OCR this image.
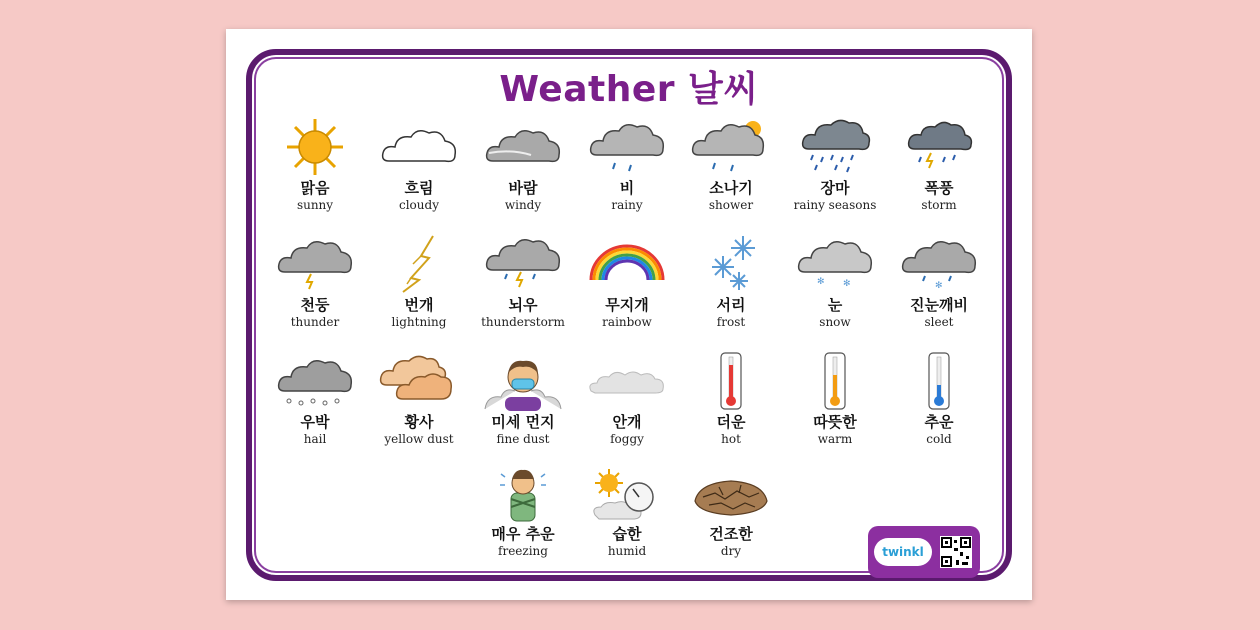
Weather 날씨
맑음
sunny
흐림
cloudy
바람
windy
비
rainy
소나기
shower
장마
rainy seasons
폭풍
storm
천둥
thunder
번개
lightning
뇌우
thunderstorm
무지개
rainbow
서리
frost
✻ ✻
눈
snow
✻
진눈깨비
sleet
우박
hail
황사
yellow dust
미세 먼지
fine dust
안개
foggy
더운
hot
따뜻한
warm
추운
cold
매우 추운
freezing
습한
humid
건조한
dry	twinkl
